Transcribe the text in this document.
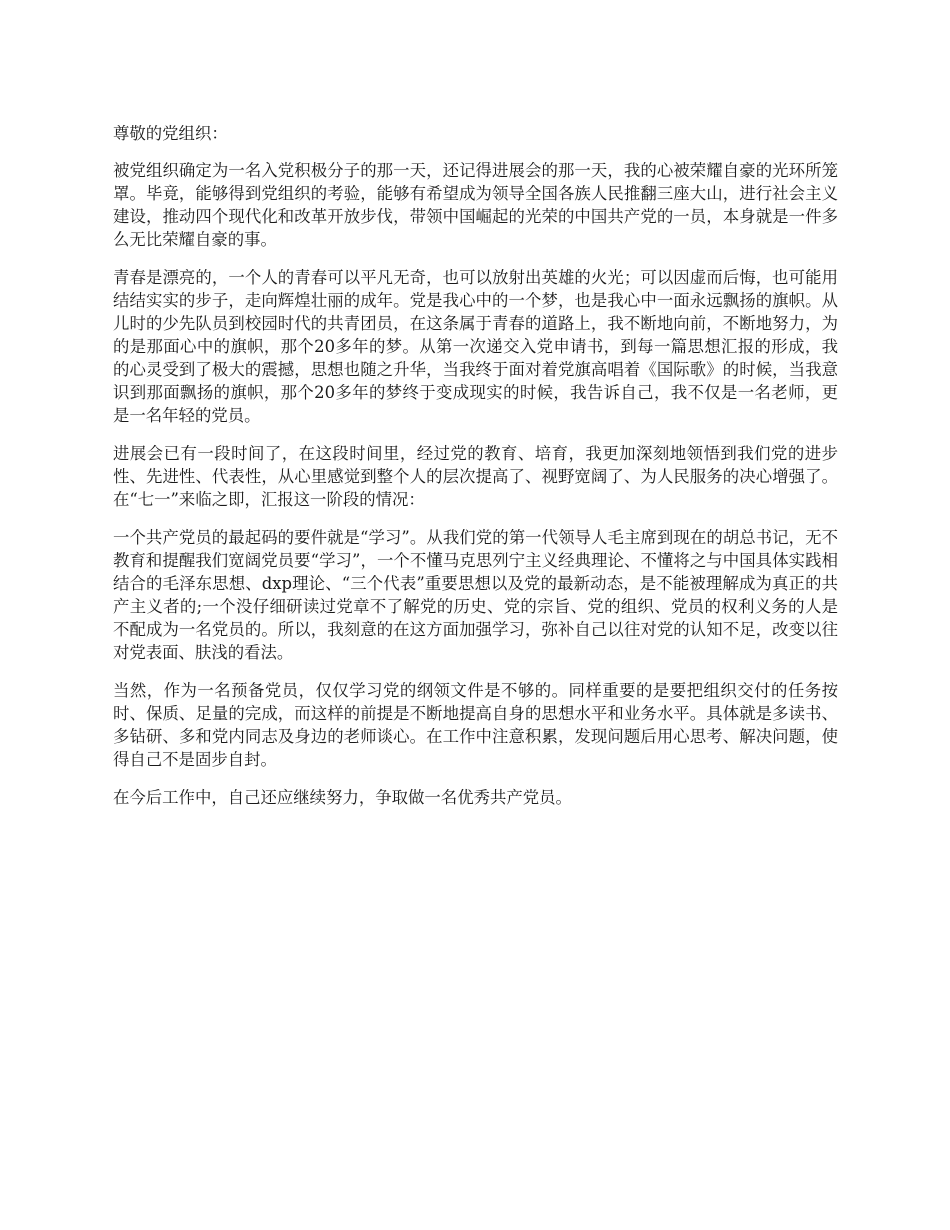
尊敬的党组织：

被党组织确定为一名入党积极分子的那一天，还记得进展会的那一天，我的心被荣耀自豪的光环所笼罩。毕竟，能够得到党组织的考验，能够有希望成为领导全国各族人民推翻三座大山，进行社会主义建设，推动四个现代化和改革开放步伐，带领中国崛起的光荣的中国共产党的一员，本身就是一件多么无比荣耀自豪的事。

青春是漂亮的，一个人的青春可以平凡无奇，也可以放射出英雄的火光；可以因虚而后悔，也可能用结结实实的步子，走向辉煌壮丽的成年。党是我心中的一个梦，也是我心中一面永远飘扬的旗帜。从儿时的少先队员到校园时代的共青团员，在这条属于青春的道路上，我不断地向前，不断地努力，为的是那面心中的旗帜，那个20多年的梦。从第一次递交入党申请书，到每一篇思想汇报的形成，我的心灵受到了极大的震撼，思想也随之升华，当我终于面对着党旗高唱着《国际歌》的时候，当我意识到那面飘扬的旗帜，那个20多年的梦终于变成现实的时候，我告诉自己，我不仅是一名老师，更是一名年轻的党员。

进展会已有一段时间了，在这段时间里，经过党的教育、培育，我更加深刻地领悟到我们党的进步性、先进性、代表性，从心里感觉到整个人的层次提高了、视野宽阔了、为人民服务的决心增强了。在“七一”来临之即，汇报这一阶段的情况：

一个共产党员的最起码的要件就是“学习”。从我们党的第一代领导人毛主席到现在的胡总书记，无不教育和提醒我们宽阔党员要“学习”，一个不懂马克思列宁主义经典理论、不懂将之与中国具体实践相结合的毛泽东思想、dxp理论、“三个代表”重要思想以及党的最新动态，是不能被理解成为真正的共产主义者的;一个没仔细研读过党章不了解党的历史、党的宗旨、党的组织、党员的权利义务的人是不配成为一名党员的。所以，我刻意的在这方面加强学习，弥补自己以往对党的认知不足，改变以往对党表面、肤浅的看法。

当然，作为一名预备党员，仅仅学习党的纲领文件是不够的。同样重要的是要把组织交付的任务按时、保质、足量的完成，而这样的前提是不断地提高自身的思想水平和业务水平。具体就是多读书、多钻研、多和党内同志及身边的老师谈心。在工作中注意积累，发现问题后用心思考、解决问题，使得自己不是固步自封。

在今后工作中，自己还应继续努力，争取做一名优秀共产党员。
